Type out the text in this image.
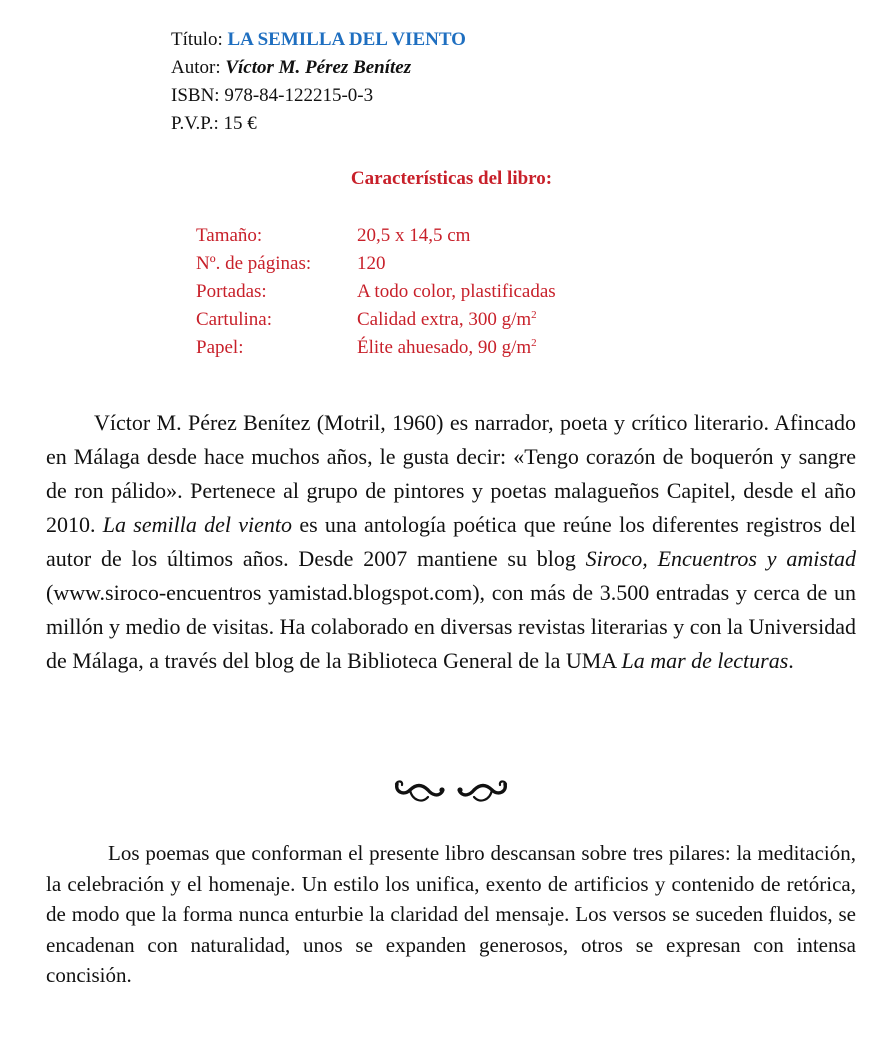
Título: LA SEMILLA DEL VIENTO
Autor: Víctor M. Pérez Benítez
ISBN: 978-84-122215-0-3
P.V.P.: 15 €
Características del libro:
Tamaño:	20,5 x 14,5 cm
Nº. de páginas:	120
Portadas:	A todo color, plastificadas
Cartulina:	Calidad extra, 300 $g/m^2$
Papel:	Élite ahuesado, 90 $g/m^2$

Víctor M. Pérez Benítez (Motril, 1960) es narrador, poeta y crítico literario. Afincado en Málaga desde hace muchos años, le gusta decir: «Tengo corazón de boquerón y sangre de ron pálido». Pertenece al grupo de pintores y poetas malagueños Capitel, desde el año 2010. La semilla del viento es una antología poética que reúne los diferentes registros del autor de los últimos años. Desde 2007 mantiene su blog Siroco, Encuentros y amistad (www.siroco-encuentros yamistad.blogspot.com), con más de 3.500 entradas y cerca de un millón y medio de visitas. Ha colaborado en diversas revistas literarias y con la Universidad de Málaga, a través del blog de la Biblioteca General de la UMA La mar de lecturas.

Los poemas que conforman el presente libro descansan sobre tres pilares: la meditación, la celebración y el homenaje. Un estilo los unifica, exento de artificios y contenido de retórica, de modo que la forma nunca enturbie la claridad del mensaje. Los versos se suceden fluidos, se encadenan con naturalidad, unos se expanden generosos, otros se expresan con intensa concisión.
